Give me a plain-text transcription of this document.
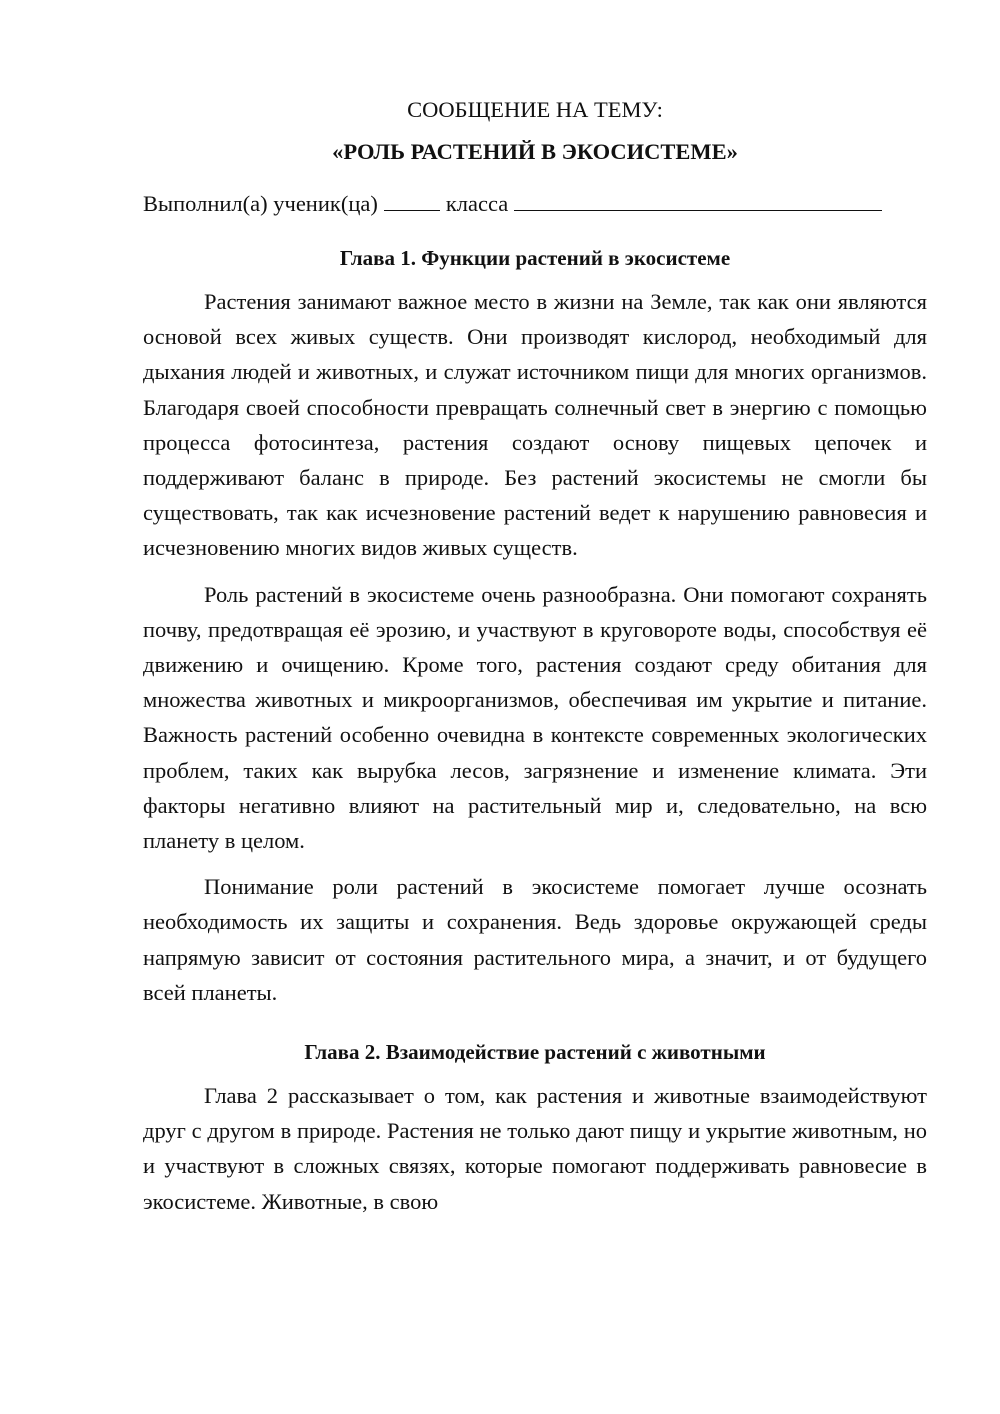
СООБЩЕНИЕ НА ТЕМУ:

«РОЛЬ РАСТЕНИЙ В ЭКОСИСТЕМЕ»

Выполнил(а) ученик(ца)	класса

Глава 1. Функции растений в экосистеме

Растения занимают важное место в жизни на Земле, так как они являются основой всех живых существ. Они производят кислород, необходимый для дыхания людей и животных, и служат источником пищи для многих организмов. Благодаря своей способности превращать солнечный свет в энергию с помощью процесса фотосинтеза, растения создают основу пищевых цепочек и поддерживают баланс в природе. Без растений экосистемы не смогли бы существовать, так как исчезновение растений ведет к нарушению равновесия и исчезновению многих видов живых существ.

Роль растений в экосистеме очень разнообразна. Они помогают сохранять почву, предотвращая её эрозию, и участвуют в круговороте воды, способствуя её движению и очищению. Кроме того, растения создают среду обитания для множества животных и микроорганизмов, обеспечивая им укрытие и питание. Важность растений особенно очевидна в контексте современных экологических проблем, таких как вырубка лесов, загрязнение и изменение климата. Эти факторы негативно влияют на растительный мир и, следовательно, на всю планету в целом.

Понимание роли растений в экосистеме помогает лучше осознать необходимость их защиты и сохранения. Ведь здоровье окружающей среды напрямую зависит от состояния растительного мира, а значит, и от будущего всей планеты.

Глава 2. Взаимодействие растений с животными

Глава 2 рассказывает о том, как растения и животные взаимодействуют друг с другом в природе. Растения не только дают пищу и укрытие животным, но и участвуют в сложных связях, которые помогают поддерживать равновесие в экосистеме. Животные, в свою
